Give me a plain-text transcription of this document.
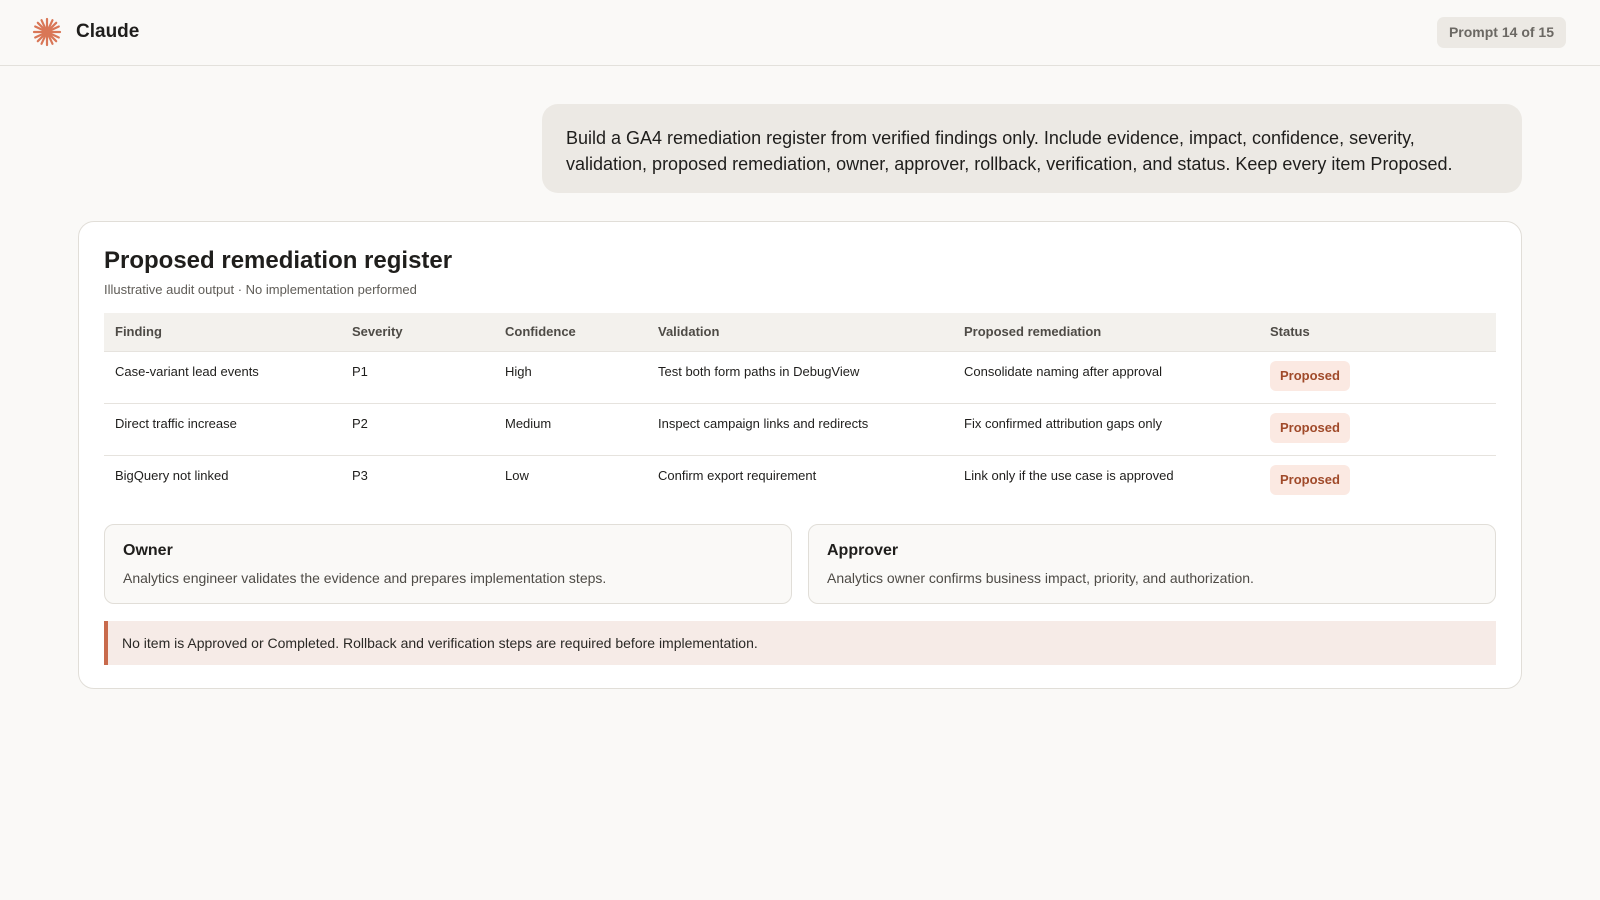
Claude	Prompt 14 of 15
Build a GA4 remediation register from verified findings only. Include evidence, impact, confidence, severity, validation, proposed remediation, owner, approver, rollback, verification, and status. Keep every item Proposed.
Proposed remediation register
Illustrative audit output · No implementation performed
Finding	Severity	Confidence	Validation	Proposed remediation	Status
Case-variant lead events	P1	High	Test both form paths in DebugView	Consolidate naming after approval	Proposed
Direct traffic increase	P2	Medium	Inspect campaign links and redirects	Fix confirmed attribution gaps only	Proposed
BigQuery not linked	P3	Low	Confirm export requirement	Link only if the use case is approved	Proposed
Owner
Analytics engineer validates the evidence and prepares implementation steps.
Approver
Analytics owner confirms business impact, priority, and authorization.
No item is Approved or Completed. Rollback and verification steps are required before implementation.
